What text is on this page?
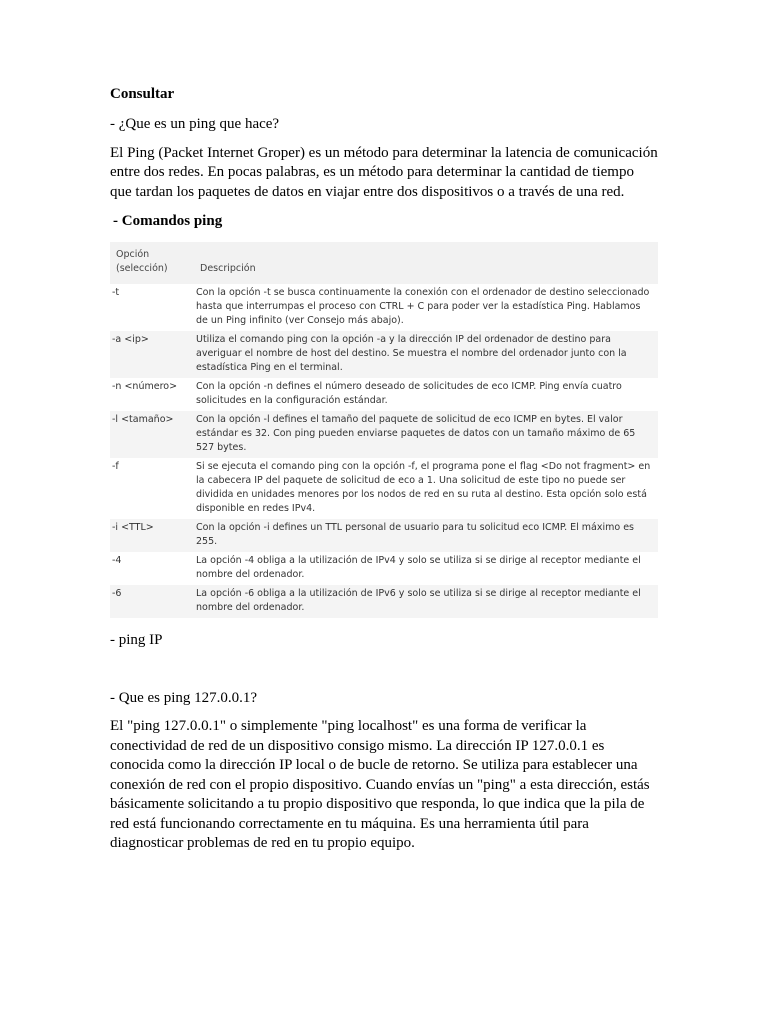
Consultar

- ¿Que es un ping que hace?

El Ping (Packet Internet Groper) es un método para determinar la latencia de comunicación entre dos redes. En pocas palabras, es un método para determinar la cantidad de tiempo que tardan los paquetes de datos en viajar entre dos dispositivos o a través de una red.

- Comandos ping

Opción
(selección)	Descripción
-t	Con la opción -t se busca continuamente la conexión con el ordenador de destino seleccionado hasta que interrumpas el proceso con CTRL + C para poder ver la estadística Ping. Hablamos de un Ping infinito (ver Consejo más abajo).
-a <ip>	Utiliza el comando ping con la opción -a y la dirección IP del ordenador de destino para averiguar el nombre de host del destino. Se muestra el nombre del ordenador junto con la estadística Ping en el terminal.
-n <número>	Con la opción -n defines el número deseado de solicitudes de eco ICMP. Ping envía cuatro solicitudes en la configuración estándar.
-l <tamaño>	Con la opción -l defines el tamaño del paquete de solicitud de eco ICMP en bytes. El valor estándar es 32. Con ping pueden enviarse paquetes de datos con un tamaño máximo de 65 527 bytes.
-f	Si se ejecuta el comando ping con la opción -f, el programa pone el flag <Do not fragment> en la cabecera IP del paquete de solicitud de eco a 1. Una solicitud de este tipo no puede ser dividida en unidades menores por los nodos de red en su ruta al destino. Esta opción solo está disponible en redes IPv4.
-i <TTL>	Con la opción -i defines un TTL personal de usuario para tu solicitud eco ICMP. El máximo es 255.
-4	La opción -4 obliga a la utilización de IPv4 y solo se utiliza si se dirige al receptor mediante el nombre del ordenador.
-6	La opción -6 obliga a la utilización de IPv6 y solo se utiliza si se dirige al receptor mediante el nombre del ordenador.

- ping IP

- Que es ping 127.0.0.1?

El "ping 127.0.0.1" o simplemente "ping localhost" es una forma de verificar la conectividad de red de un dispositivo consigo mismo. La dirección IP 127.0.0.1 es conocida como la dirección IP local o de bucle de retorno. Se utiliza para establecer una conexión de red con el propio dispositivo. Cuando envías un "ping" a esta dirección, estás básicamente solicitando a tu propio dispositivo que responda, lo que indica que la pila de red está funcionando correctamente en tu máquina. Es una herramienta útil para diagnosticar problemas de red en tu propio equipo.
